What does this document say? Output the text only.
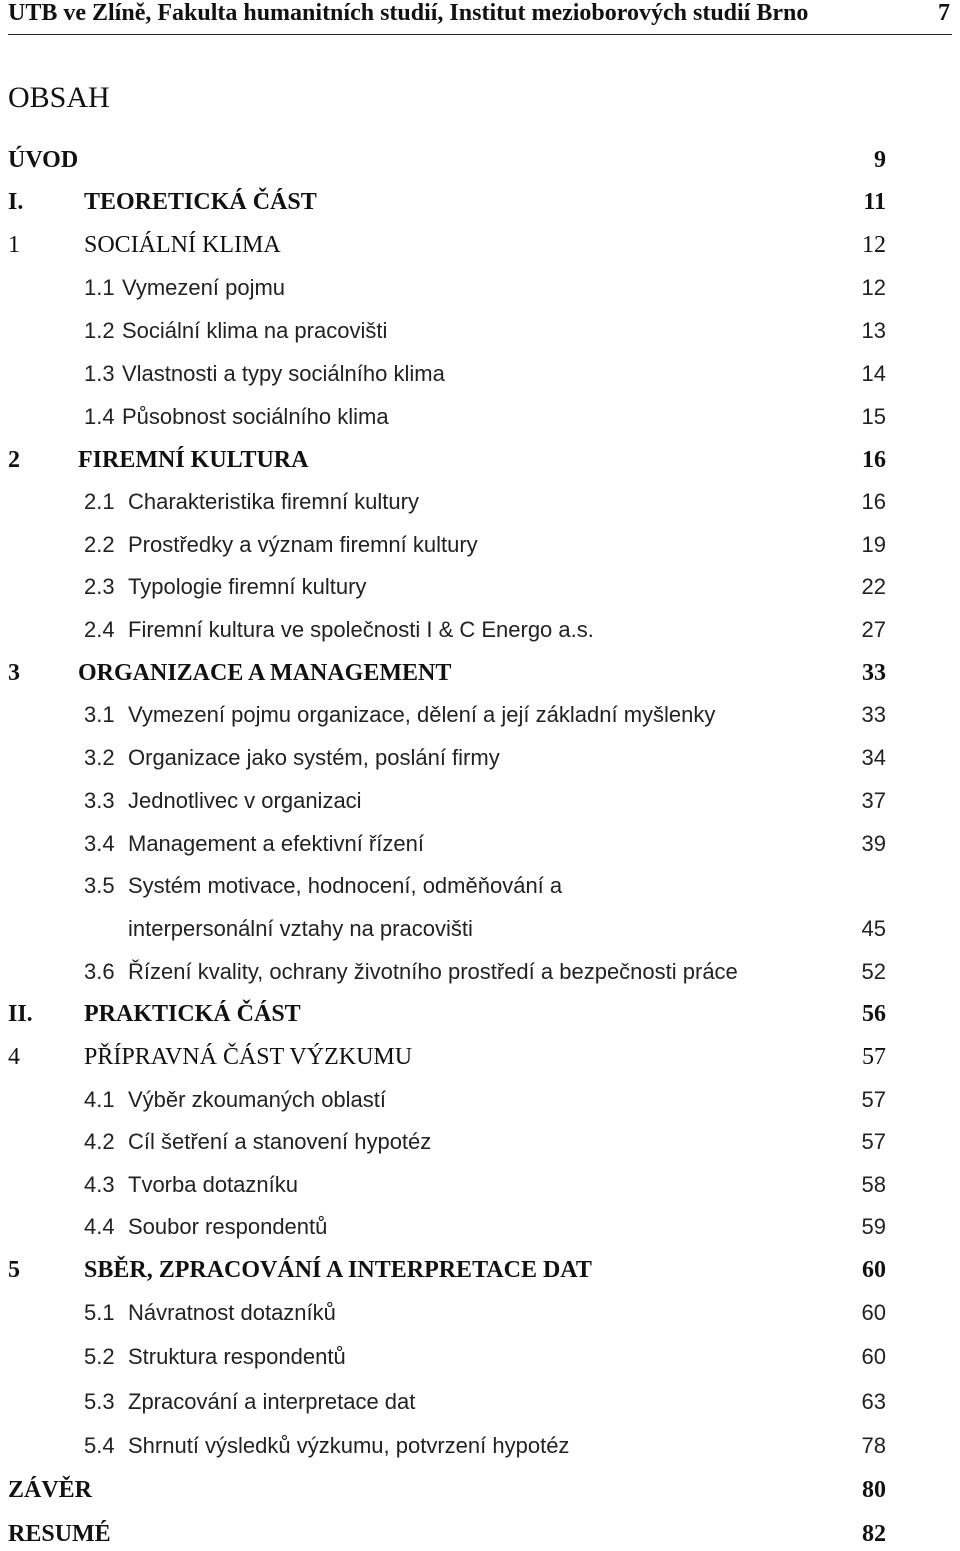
UTB ve Zlíně, Fakulta humanitních studií, Institut mezioborových studií Brno	7
OBSAH
ÚVOD	9
I.	TEORETICKÁ ČÁST	11
1	SOCIÁLNÍ KLIMA	12
1.1 Vymezení pojmu	12
1.2 Sociální klima na pracovišti	13
1.3 Vlastnosti a typy sociálního klima	14
1.4 Působnost sociálního klima	15
2 FIREMNÍ KULTURA	16
2.1 Charakteristika firemní kultury	16
2.2 Prostředky a význam firemní kultury	19
2.3 Typologie firemní kultury	22
2.4 Firemní kultura ve společnosti I & C Energo a.s.	27
3 ORGANIZACE A MANAGEMENT	33
3.1 Vymezení pojmu organizace, dělení a její základní myšlenky	33
3.2 Organizace jako systém, poslání firmy	34
3.3 Jednotlivec v organizaci	37
3.4 Management a efektivní řízení	39
3.5 Systém motivace, hodnocení, odměňování a
interpersonální vztahy na pracovišti	45
3.6 Řízení kvality, ochrany životního prostředí a bezpečnosti práce	52
II. PRAKTICKÁ ČÁST	56
4	PŘÍPRAVNÁ ČÁST VÝZKUMU	57
4.1 Výběr zkoumaných oblastí	57
4.2 Cíl šetření a stanovení hypotéz	57
4.3 Tvorba dotazníku	58
4.4 Soubor respondentů	59
5	SBĚR, ZPRACOVÁNÍ A INTERPRETACE DAT	60
5.1 Návratnost dotazníků	60
5.2 Struktura respondentů	60
5.3 Zpracování a interpretace dat	63
5.4 Shrnutí výsledků výzkumu, potvrzení hypotéz	78
ZÁVĚR	80
RESUMÉ	82
